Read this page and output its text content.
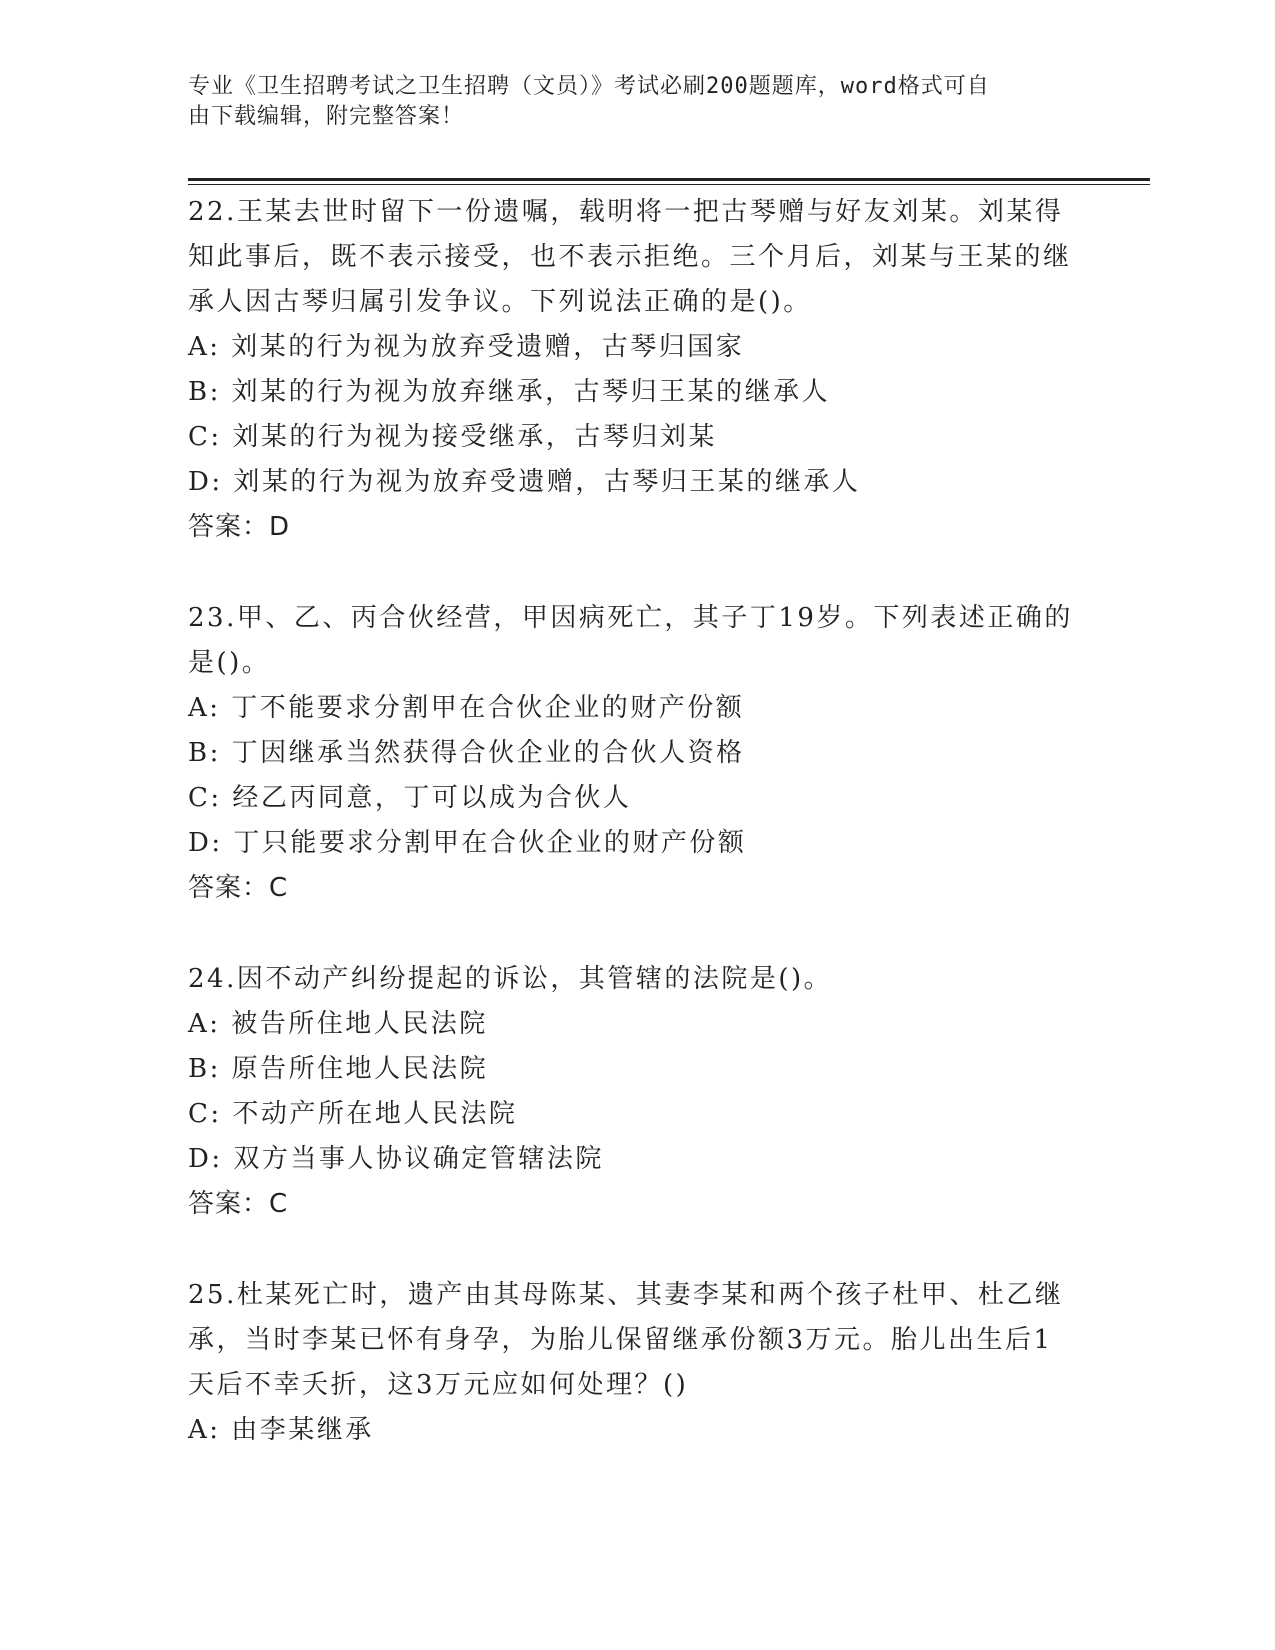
专业《卫生招聘考试之卫生招聘（文员）》考试必刷200题题库，word格式可自
由下载编辑，附完整答案！

22.王某去世时留下一份遗嘱，载明将一把古琴赠与好友刘某。刘某得知此事后，既不表示接受，也不表示拒绝。三个月后，刘某与王某的继承人因古琴归属引发争议。下列说法正确的是()。

A: 刘某的行为视为放弃受遗赠，古琴归国家

B: 刘某的行为视为放弃继承，古琴归王某的继承人

C: 刘某的行为视为接受继承，古琴归刘某

D: 刘某的行为视为放弃受遗赠，古琴归王某的继承人

答案：D

23.甲、乙、丙合伙经营，甲因病死亡，其子丁19岁。下列表述正确的是()。

A: 丁不能要求分割甲在合伙企业的财产份额

B: 丁因继承当然获得合伙企业的合伙人资格

C: 经乙丙同意，丁可以成为合伙人

D: 丁只能要求分割甲在合伙企业的财产份额

答案：C

24.因不动产纠纷提起的诉讼，其管辖的法院是()。

A: 被告所住地人民法院

B: 原告所住地人民法院

C: 不动产所在地人民法院

D: 双方当事人协议确定管辖法院

答案：C

25.杜某死亡时，遗产由其母陈某、其妻李某和两个孩子杜甲、杜乙继承，当时李某已怀有身孕，为胎儿保留继承份额3万元。胎儿出生后1天后不幸夭折，这3万元应如何处理？()

A: 由李某继承
